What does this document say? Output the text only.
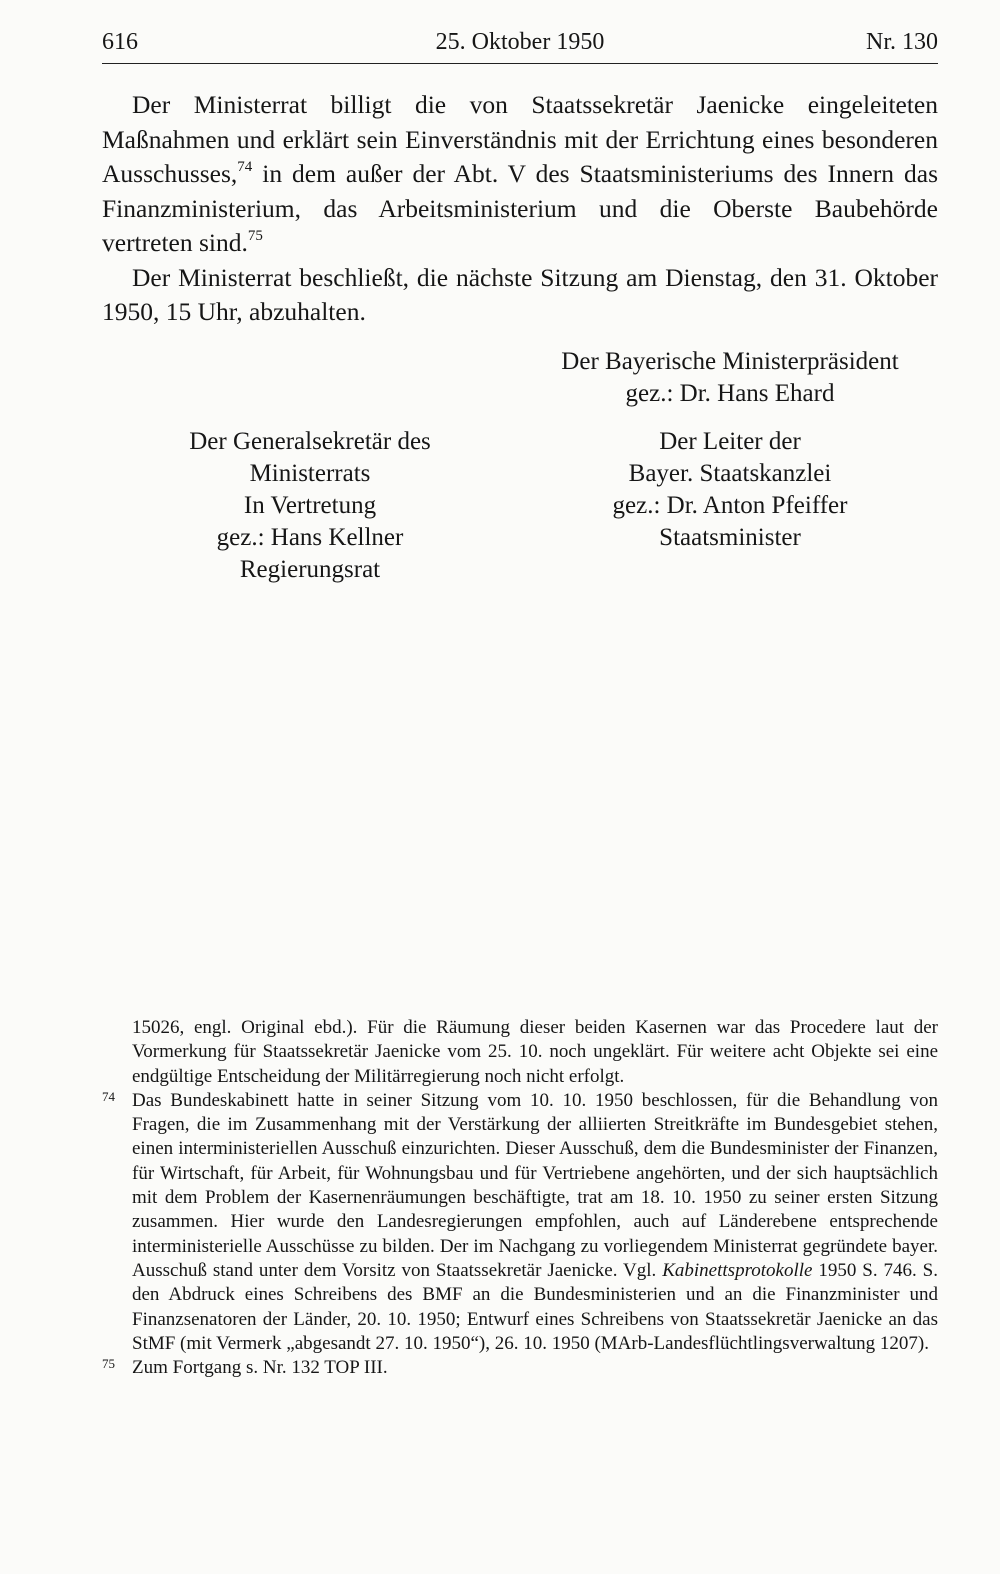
25. Oktober 1950
616	Nr. 130

Der Ministerrat billigt die von Staatssekretär Jaenicke eingeleiteten Maßnahmen und erklärt sein Einverständnis mit der Errichtung eines besonderen Ausschusses,$^{74}$ in dem außer der Abt. V des Staatsministeriums des Innern das Finanzministerium, das Arbeitsministerium und die Oberste Baubehörde vertreten sind.$^{75}$

Der Ministerrat beschließt, die nächste Sitzung am Dienstag, den 31. Oktober 1950, 15 Uhr, abzuhalten.

Der Bayerische Ministerpräsident
gez.: Dr. Hans Ehard
Der Generalsekretär des
Ministerrats
In Vertretung
gez.: Hans Kellner
Regierungsrat
Der Leiter der
Bayer. Staatskanzlei
gez.: Dr. Anton Pfeiffer
Staatsminister

15026, engl. Original ebd.). Für die Räumung dieser beiden Kasernen war das Procedere laut der Vormerkung für Staatssekretär Jaenicke vom 25. 10. noch ungeklärt. Für weitere acht Objekte sei eine endgültige Entscheidung der Militärregierung noch nicht erfolgt.

74 Das Bundeskabinett hatte in seiner Sitzung vom 10. 10. 1950 beschlossen, für die Behandlung von Fragen, die im Zusammenhang mit der Verstärkung der alliierten Streitkräfte im Bundesgebiet stehen, einen interministeriellen Ausschuß einzurichten. Dieser Ausschuß, dem die Bundesminister der Finanzen, für Wirtschaft, für Arbeit, für Wohnungsbau und für Vertriebene angehörten, und der sich hauptsächlich mit dem Problem der Kasernenräumungen beschäftigte, trat am 18. 10. 1950 zu seiner ersten Sitzung zusammen. Hier wurde den Landesregierungen empfohlen, auch auf Länderebene entsprechende interministerielle Ausschüsse zu bilden. Der im Nachgang zu vorliegendem Ministerrat gegründete bayer. Ausschuß stand unter dem Vorsitz von Staatssekretär Jaenicke. Vgl. Kabinettsprotokolle 1950 S. 746. S. den Abdruck eines Schreibens des BMF an die Bundesministerien und an die Finanzminister und Finanzsenatoren der Länder, 20. 10. 1950; Entwurf eines Schreibens von Staatssekretär Jaenicke an das StMF (mit Vermerk „abgesandt 27. 10. 1950“), 26. 10. 1950 (MArb-Landesflüchtlingsverwaltung 1207).

75 Zum Fortgang s. Nr. 132 TOP III.
